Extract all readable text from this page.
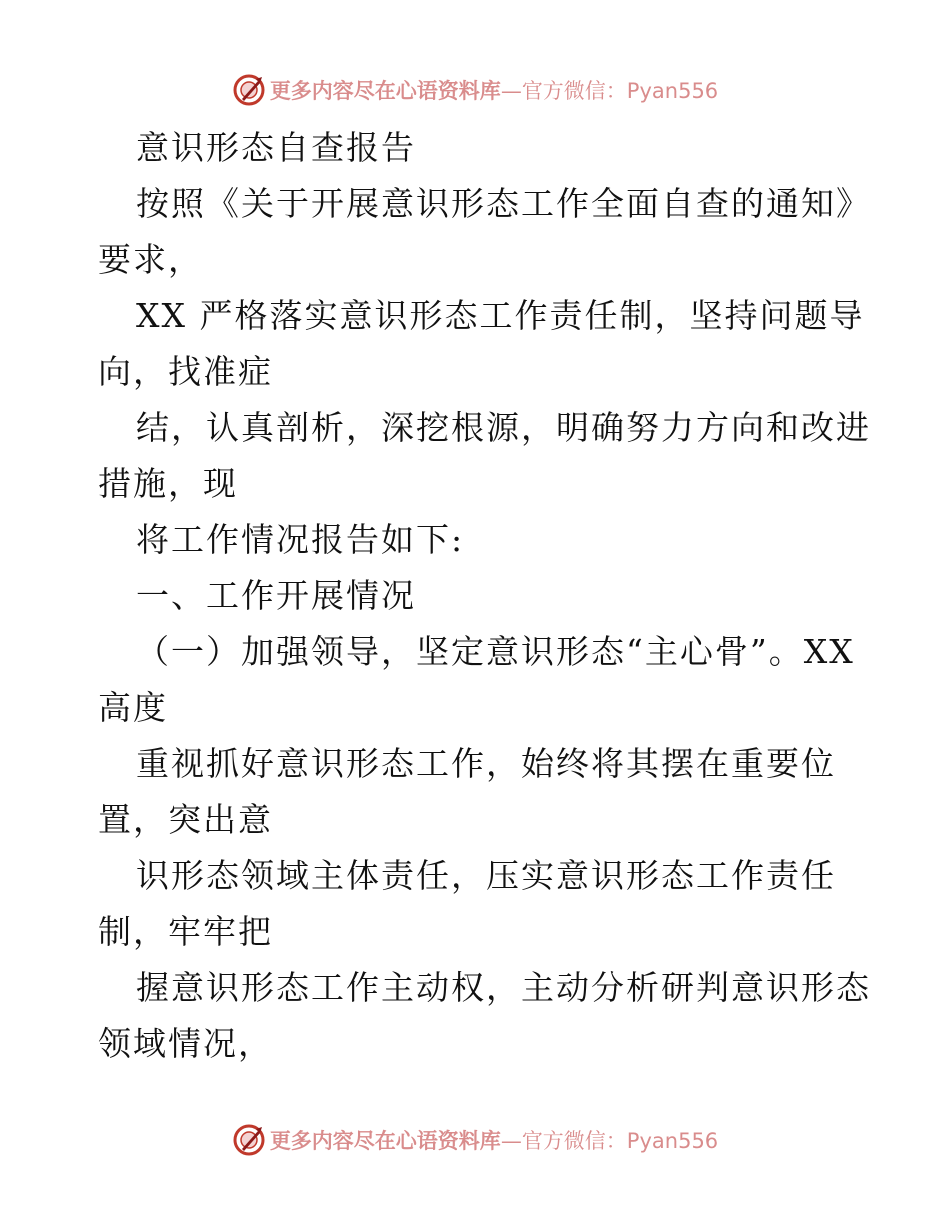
更多内容尽在心语资料库—官方微信：Pyan556
意识形态自查报告
按照《关于开展意识形态工作全面自查的通知》
要求，
XX 严格落实意识形态工作责任制，坚持问题导
向，找准症
结，认真剖析，深挖根源，明确努力方向和改进
措施，现
将工作情况报告如下:
一、工作开展情况
（一）加强领导，坚定意识形态“主心骨”。XX
高度
重视抓好意识形态工作，始终将其摆在重要位
置，突出意
识形态领域主体责任，压实意识形态工作责任
制，牢牢把
握意识形态工作主动权，主动分析研判意识形态
领域情况，
更多内容尽在心语资料库—官方微信：Pyan556
